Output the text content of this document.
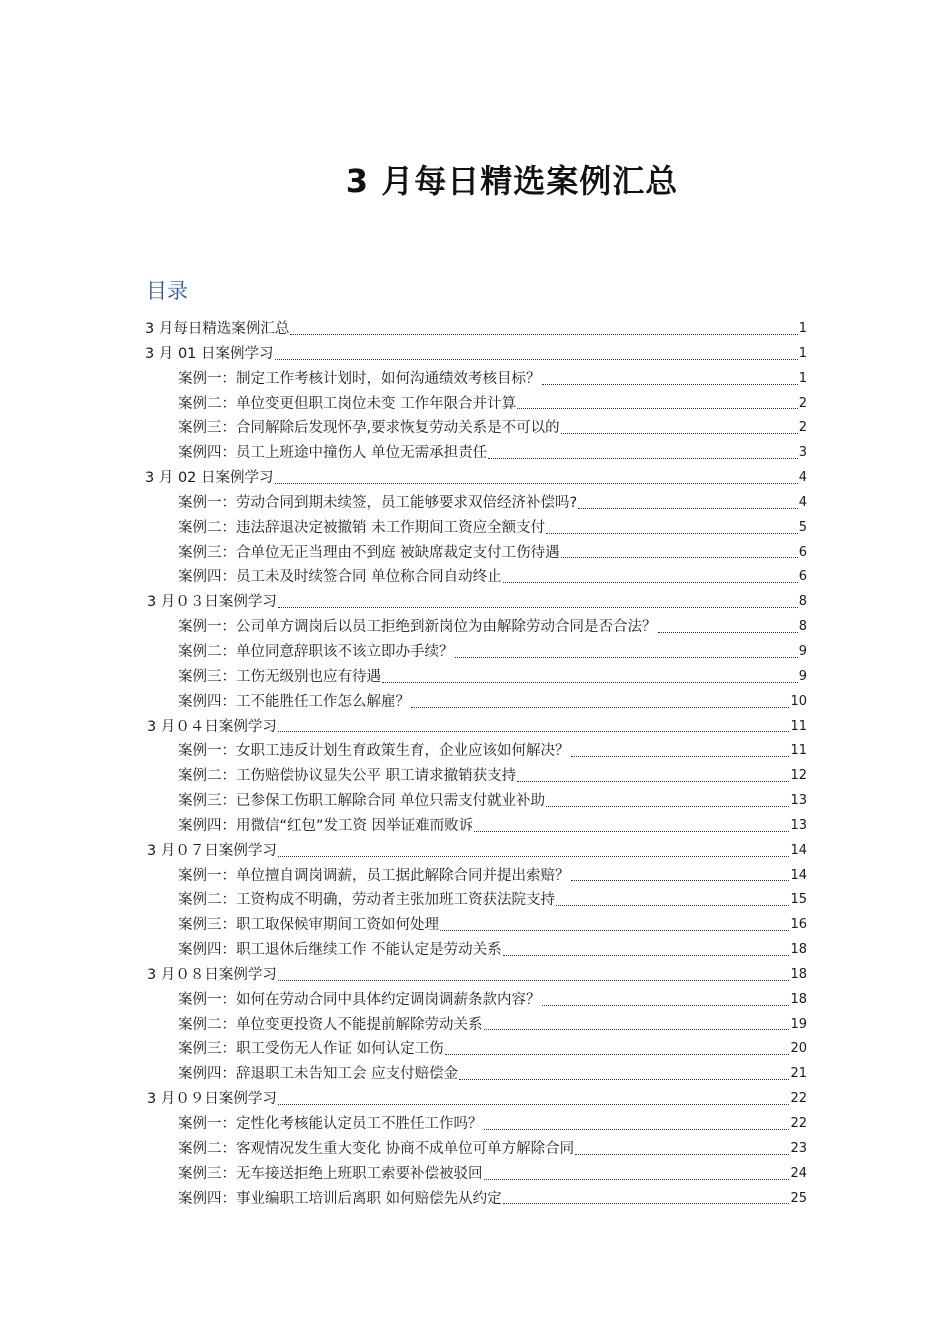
3 月每日精选案例汇总
目录
3 月每日精选案例汇总	1
3 月 01 日案例学习	1
案例一：制定工作考核计划时，如何沟通绩效考核目标？	1
案例二：单位变更但职工岗位未变 工作年限合并计算	2
案例三：合同解除后发现怀孕,要求恢复劳动关系是不可以的	2
案例四：员工上班途中撞伤人 单位无需承担责任	3
3 月 02 日案例学习	4
案例一：劳动合同到期未续签，员工能够要求双倍经济补偿吗?	4
案例二：违法辞退决定被撤销 未工作期间工资应全额支付	5
案例三：合单位无正当理由不到庭 被缺席裁定支付工伤待遇	6
案例四：员工未及时续签合同 单位称合同自动终止	6
3 月０３日案例学习	8
案例一：公司单方调岗后以员工拒绝到新岗位为由解除劳动合同是否合法？	8
案例二：单位同意辞职该不该立即办手续？	9
案例三：工伤无级别也应有待遇	9
案例四：工不能胜任工作怎么解雇？	10
3 月０４日案例学习	11
案例一：女职工违反计划生育政策生育，企业应该如何解决？	11
案例二：工伤赔偿协议显失公平 职工请求撤销获支持	12
案例三：已参保工伤职工解除合同 单位只需支付就业补助	13
案例四：用微信“红包”发工资 因举证难而败诉	13
3 月０７日案例学习	14
案例一：单位擅自调岗调薪，员工据此解除合同并提出索赔？	14
案例二：工资构成不明确，劳动者主张加班工资获法院支持	15
案例三：职工取保候审期间工资如何处理	16
案例四：职工退休后继续工作 不能认定是劳动关系	18
3 月０８日案例学习	18
案例一：如何在劳动合同中具体约定调岗调薪条款内容？	18
案例二：单位变更投资人不能提前解除劳动关系	19
案例三：职工受伤无人作证 如何认定工伤	20
案例四：辞退职工未告知工会 应支付赔偿金	21
3 月０９日案例学习	22
案例一：定性化考核能认定员工不胜任工作吗？	22
案例二：客观情况发生重大变化 协商不成单位可单方解除合同	23
案例三：无车接送拒绝上班职工索要补偿被驳回	24
案例四：事业编职工培训后离职 如何赔偿先从约定	25
